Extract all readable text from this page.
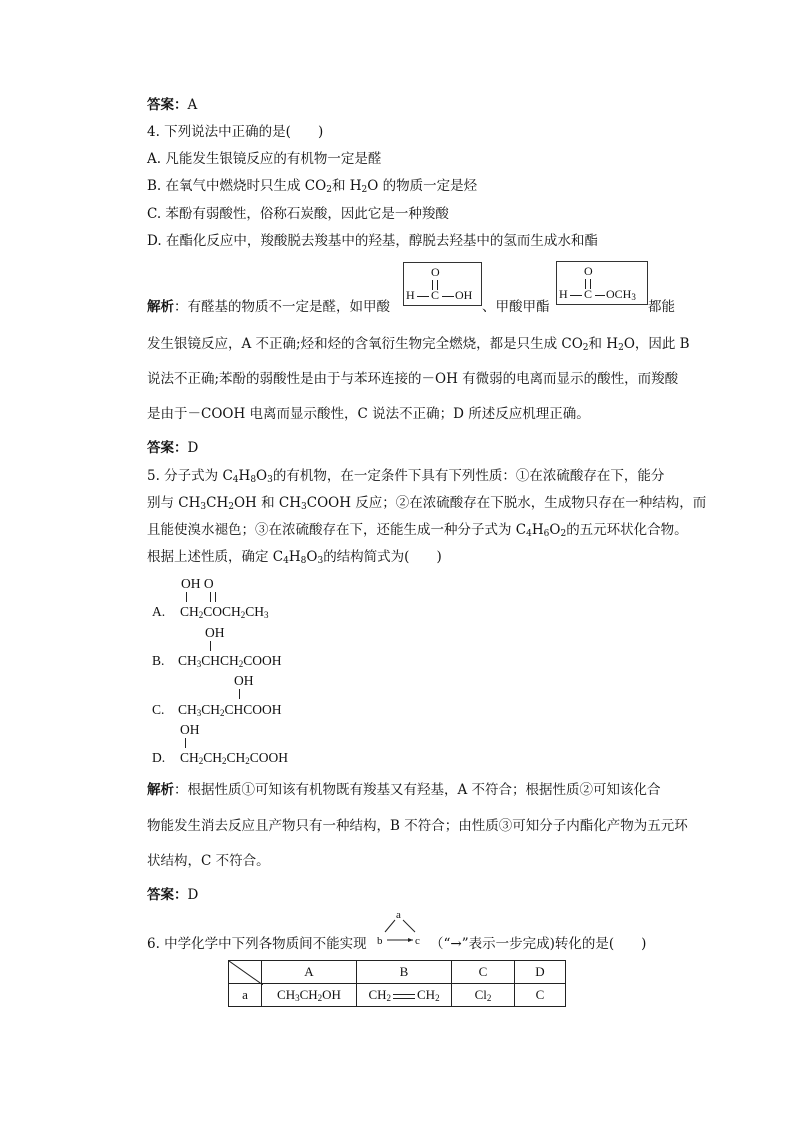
答案：A
4. 下列说法中正确的是(　　)
A. 凡能发生银镜反应的有机物一定是醛
B. 在氧气中燃烧时只生成 $CO_2$和 $H_2O$ 的物质一定是烃
C. 苯酚有弱酸性，俗称石炭酸，因此它是一种羧酸
D. 在酯化反应中，羧酸脱去羧基中的羟基，醇脱去羟基中的氢而生成水和酯
解析：有醛基的物质不一定是醛，如甲酸
O
H C OH
、甲酸甲酯
O
H C $OCH_3$
都能
发生银镜反应，A 不正确;烃和烃的含氧衍生物完全燃烧，都是只生成 $CO_2$和 $H_2O$，因此 B
说法不正确;苯酚的弱酸性是由于与苯环连接的－OH 有微弱的电离而显示的酸性，而羧酸
是由于－COOH 电离而显示酸性，C 说法不正确；D 所述反应机理正确。
答案：D
5. 分子式为 $C_4H_8O_3$的有机物，在一定条件下具有下列性质：①在浓硫酸存在下，能分
别与 $CH_3CH_2OH$ 和 $CH_3COOH$ 反应；②在浓硫酸存在下脱水，生成物只存在一种结构，而
且能使溴水褪色；③在浓硫酸存在下，还能生成一种分子式为 $C_4H_6O_2$的五元环状化合物。
根据上述性质，确定 $C_4H_8O_3$的结构简式为(　　)
OH O
A. $CH_2COCH_2CH_3$
OH
B. $CH_3CHCH_2COOH$
OH
C. $CH_3CH_2CHCOOH$
OH
D. $CH_2CH_2CH_2COOH$
解析：根据性质①可知该有机物既有羧基又有羟基，A 不符合；根据性质②可知该化合
物能发生消去反应且产物只有一种结构，B 不符合；由性质③可知分子内酯化产物为五元环
状结构，C 不符合。
答案：D
6. 中学化学中下列各物质间不能实现
a
b	c （“→”表示一步完成)转化的是(　　)
	A	B	C	D
a	$CH_3CH_2OH$	$CH_2$ $CH_2$	$Cl_2$	C
